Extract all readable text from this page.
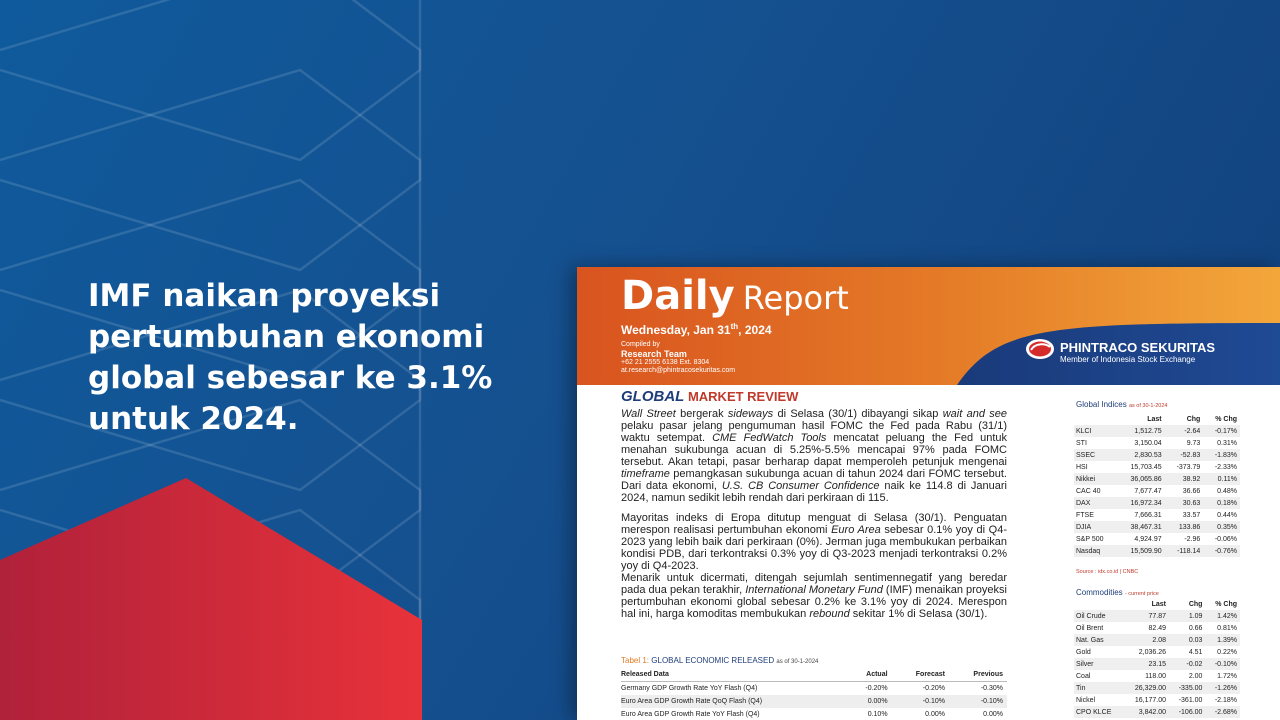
IMF naikan proyeksi
pertumbuhan ekonomi
global sebesar ke 3.1%
untuk 2024.
Daily Report
Wednesday, Jan 31th, 2024
Compiled by
Research Team
+62 21 2555 6138 Ext. 8304
at.research@phintracosekuritas.com
PHINTRACO SEKURITAS
Member of Indonesia Stock Exchange
GLOBAL MARKET REVIEW
Wall Street bergerak sideways di Selasa (30/1) dibayangi sikap wait and see pelaku pasar jelang pengumuman hasil FOMC the Fed pada Rabu (31/1) waktu setempat. CME FedWatch Tools mencatat peluang the Fed untuk menahan sukubunga acuan di 5.25%-5.5% mencapai 97% pada FOMC tersebut. Akan tetapi, pasar berharap dapat memperoleh petunjuk mengenai timeframe pemangkasan sukubunga acuan di tahun 2024 dari FOMC tersebut. Dari data ekonomi, U.S. CB Consumer Confidence naik ke 114.8 di Januari 2024, namun sedikit lebih rendah dari perkiraan di 115.
Mayoritas indeks di Eropa ditutup menguat di Selasa (30/1). Penguatan merespon realisasi pertumbuhan ekonomi Euro Area sebesar 0.1% yoy di Q4-2023 yang lebih baik dari perkiraan (0%). Jerman juga membukukan perbaikan kondisi PDB, dari terkontraksi 0.3% yoy di Q3-2023 menjadi terkontraksi 0.2% yoy di Q4-2023.
Menarik untuk dicermati, ditengah sejumlah sentimennegatif yang beredar pada dua pekan terakhir, International Monetary Fund (IMF) menaikan proyeksi pertumbuhan ekonomi global sebesar 0.2% ke 3.1% yoy di 2024. Merespon hal ini, harga komoditas membukukan rebound sekitar 1% di Selasa (30/1).
Tabel 1: GLOBAL ECONOMIC RELEASED as of 30-1-2024
Released Data	Actual	Forecast	Previous
Germany GDP Growth Rate YoY Flash (Q4)	-0.20%	-0.20%	-0.30%
Euro Area GDP Growth Rate QoQ Flash (Q4)	0.00%	-0.10%	-0.10%
Euro Area GDP Growth Rate YoY Flash (Q4)	0.10%	0.00%	0.00%
Global Indices as of 30-1-2024
	Last	Chg	% Chg
KLCI	1,512.75	-2.64	-0.17%
STI	3,150.04	9.73	0.31%
SSEC	2,830.53	-52.83	-1.83%
HSI	15,703.45	-373.79	-2.33%
Nikkei	36,065.86	38.92	0.11%
CAC 40	7,677.47	36.66	0.48%
DAX	16,972.34	30.63	0.18%
FTSE	7,666.31	33.57	0.44%
DJIA	38,467.31	133.86	0.35%
S&P 500	4,924.97	-2.96	-0.06%
Nasdaq	15,509.90	-118.14	-0.76%
Source : idx.co.id | CNBC
Commodities - current price
	Last	Chg	% Chg
Oil Crude	77.87	1.09	1.42%
Oil Brent	82.49	0.66	0.81%
Nat. Gas	2.08	0.03	1.39%
Gold	2,036.26	4.51	0.22%
Silver	23.15	-0.02	-0.10%
Coal	118.00	2.00	1.72%
Tin	26,329.00	-335.00	-1.26%
Nickel	16,177.00	-361.00	-2.18%
CPO KLCE	3,842.00	-106.00	-2.68%
